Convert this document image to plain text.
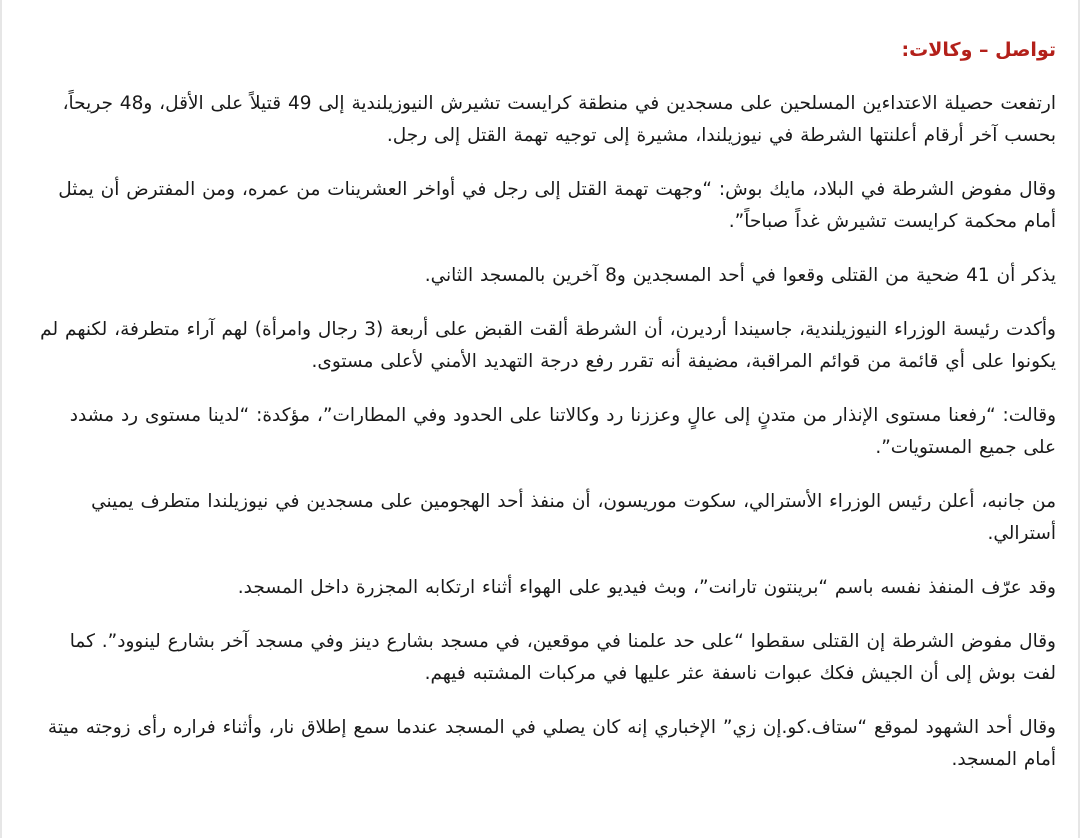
تواصل – وكالات:

ارتفعت حصيلة الاعتداءين المسلحين على مسجدين في منطقة كرايست تشيرش النيوزيلندية إلى 49 قتيلاً على الأقل، و48 جريحاً، بحسب آخر أرقام أعلنتها الشرطة في نيوزيلندا، مشيرة إلى توجيه تهمة القتل إلى رجل.

وقال مفوض الشرطة في البلاد، مايك بوش: “وجهت تهمة القتل إلى رجل في أواخر العشرينات من عمره، ومن المفترض أن يمثل أمام محكمة كرايست تشيرش غداً صباحاً”.

يذكر أن 41 ضحية من القتلى وقعوا في أحد المسجدين و8 آخرين بالمسجد الثاني.

وأكدت رئيسة الوزراء النيوزيلندية، جاسيندا أرديرن، أن الشرطة ألقت القبض على أربعة (3 رجال وامرأة) لهم آراء متطرفة، لكنهم لم يكونوا على أي قائمة من قوائم المراقبة، مضيفة أنه تقرر رفع درجة التهديد الأمني لأعلى مستوى.

وقالت: “رفعنا مستوى الإنذار من متدنٍ إلى عالٍ وعززنا رد وكالاتنا على الحدود وفي المطارات”، مؤكدة: “لدينا مستوى رد مشدد على جميع المستويات”.

من جانبه، أعلن رئيس الوزراء الأسترالي، سكوت موريسون، أن منفذ أحد الهجومين على مسجدين في نيوزيلندا متطرف يميني أسترالي.

وقد عرّف المنفذ نفسه باسم “برينتون تارانت”، وبث فيديو على الهواء أثناء ارتكابه المجزرة داخل المسجد.

وقال مفوض الشرطة إن القتلى سقطوا “على حد علمنا في موقعين، في مسجد بشارع دينز وفي مسجد آخر بشارع لينوود”. كما لفت بوش إلى أن الجيش فكك عبوات ناسفة عثر عليها في مركبات المشتبه فيهم.

وقال أحد الشهود لموقع “ستاف.كو.إن زي” الإخباري إنه كان يصلي في المسجد عندما سمع إطلاق نار، وأثناء فراره رأى زوجته ميتة أمام المسجد.
